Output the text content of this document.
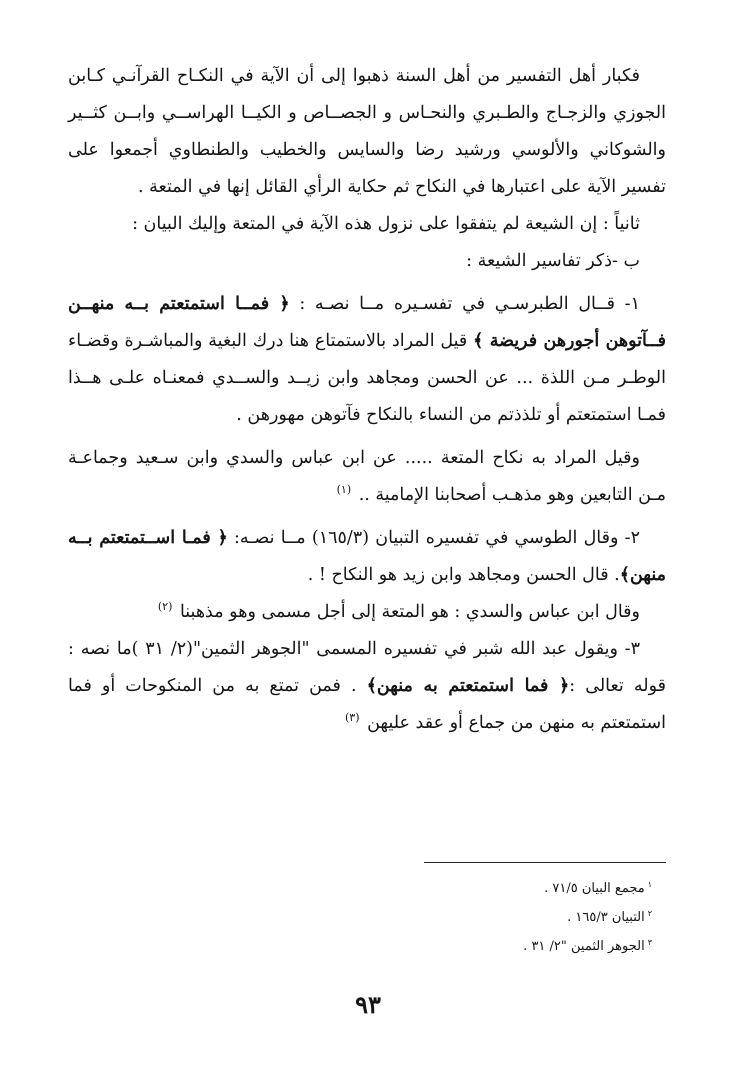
فكبار أهل التفسير من أهل السنة ذهبوا إلى أن الآية في النكـاح القرآنـي كـابن الجوزي والزجـاج والطـبري والنحـاس و الجصــاص و الكيــا الهراســي وابــن كثــير والشوكاني والألوسي ورشيد رضا والسايس والخطيب والطنطاوي أجمعوا على تفسير الآية على اعتبارها في النكاح ثم حكاية الرأي القائل إنها في المتعة .

ثانياً : إن الشيعة لم يتفقوا على نزول هذه الآية في المتعة وإليك البيان :

ب -ذكر تفاسير الشيعة :

١- قــال الطبرسـي في تفسـيره مــا نصـه : ﴿ فمــا استمتعتم بــه منهــن فــآتوهن أجورهن فريضة ﴾ قيل المراد بالاستمتاع هنا درك البغية والمباشـرة وقضـاء الوطـر مـن اللذة ... عن الحسن ومجاهد وابن زيــد والســدي فمعنـاه علـى هــذا فمـا استمتعتم أو تلذذتم من النساء بالنكاح فآتوهن مهورهن .

وقيل المراد به نكاح المتعة ..... عن ابن عباس والسدي وابن سـعيد وجماعـة مـن التابعين وهو مذهـب أصحابنا الإمامية .. $^{(١)}$

٢- وقال الطوسي في تفسيره التبيان (١٦٥/٣) مــا نصـه: ﴿ فمـا اســتمتعتم بــه منهن﴾. قال الحسن ومجاهد وابن زيد هو النكاح ! .

وقال ابن عباس والسدي : هو المتعة إلى أجل مسمى وهو مذهبنا $^{(٢)}$

٣- ويقول عبد الله شبر في تفسيره المسمى "الجوهر الثمين"(٢/ ٣١ )ما نصه : قوله تعالى :﴿ فما استمتعتم به منهن﴾ . فمن تمتع به من المنكوحات أو فما استمتعتم به منهن من جماع أو عقد عليهن $^{(٣)}$

$^١$مجمع البيان ٧١/٥ .
$^٢$التبيان ١٦٥/٣ .
$^٣$الجوهر الثمين "٢/ ٣١ .
٩٣
